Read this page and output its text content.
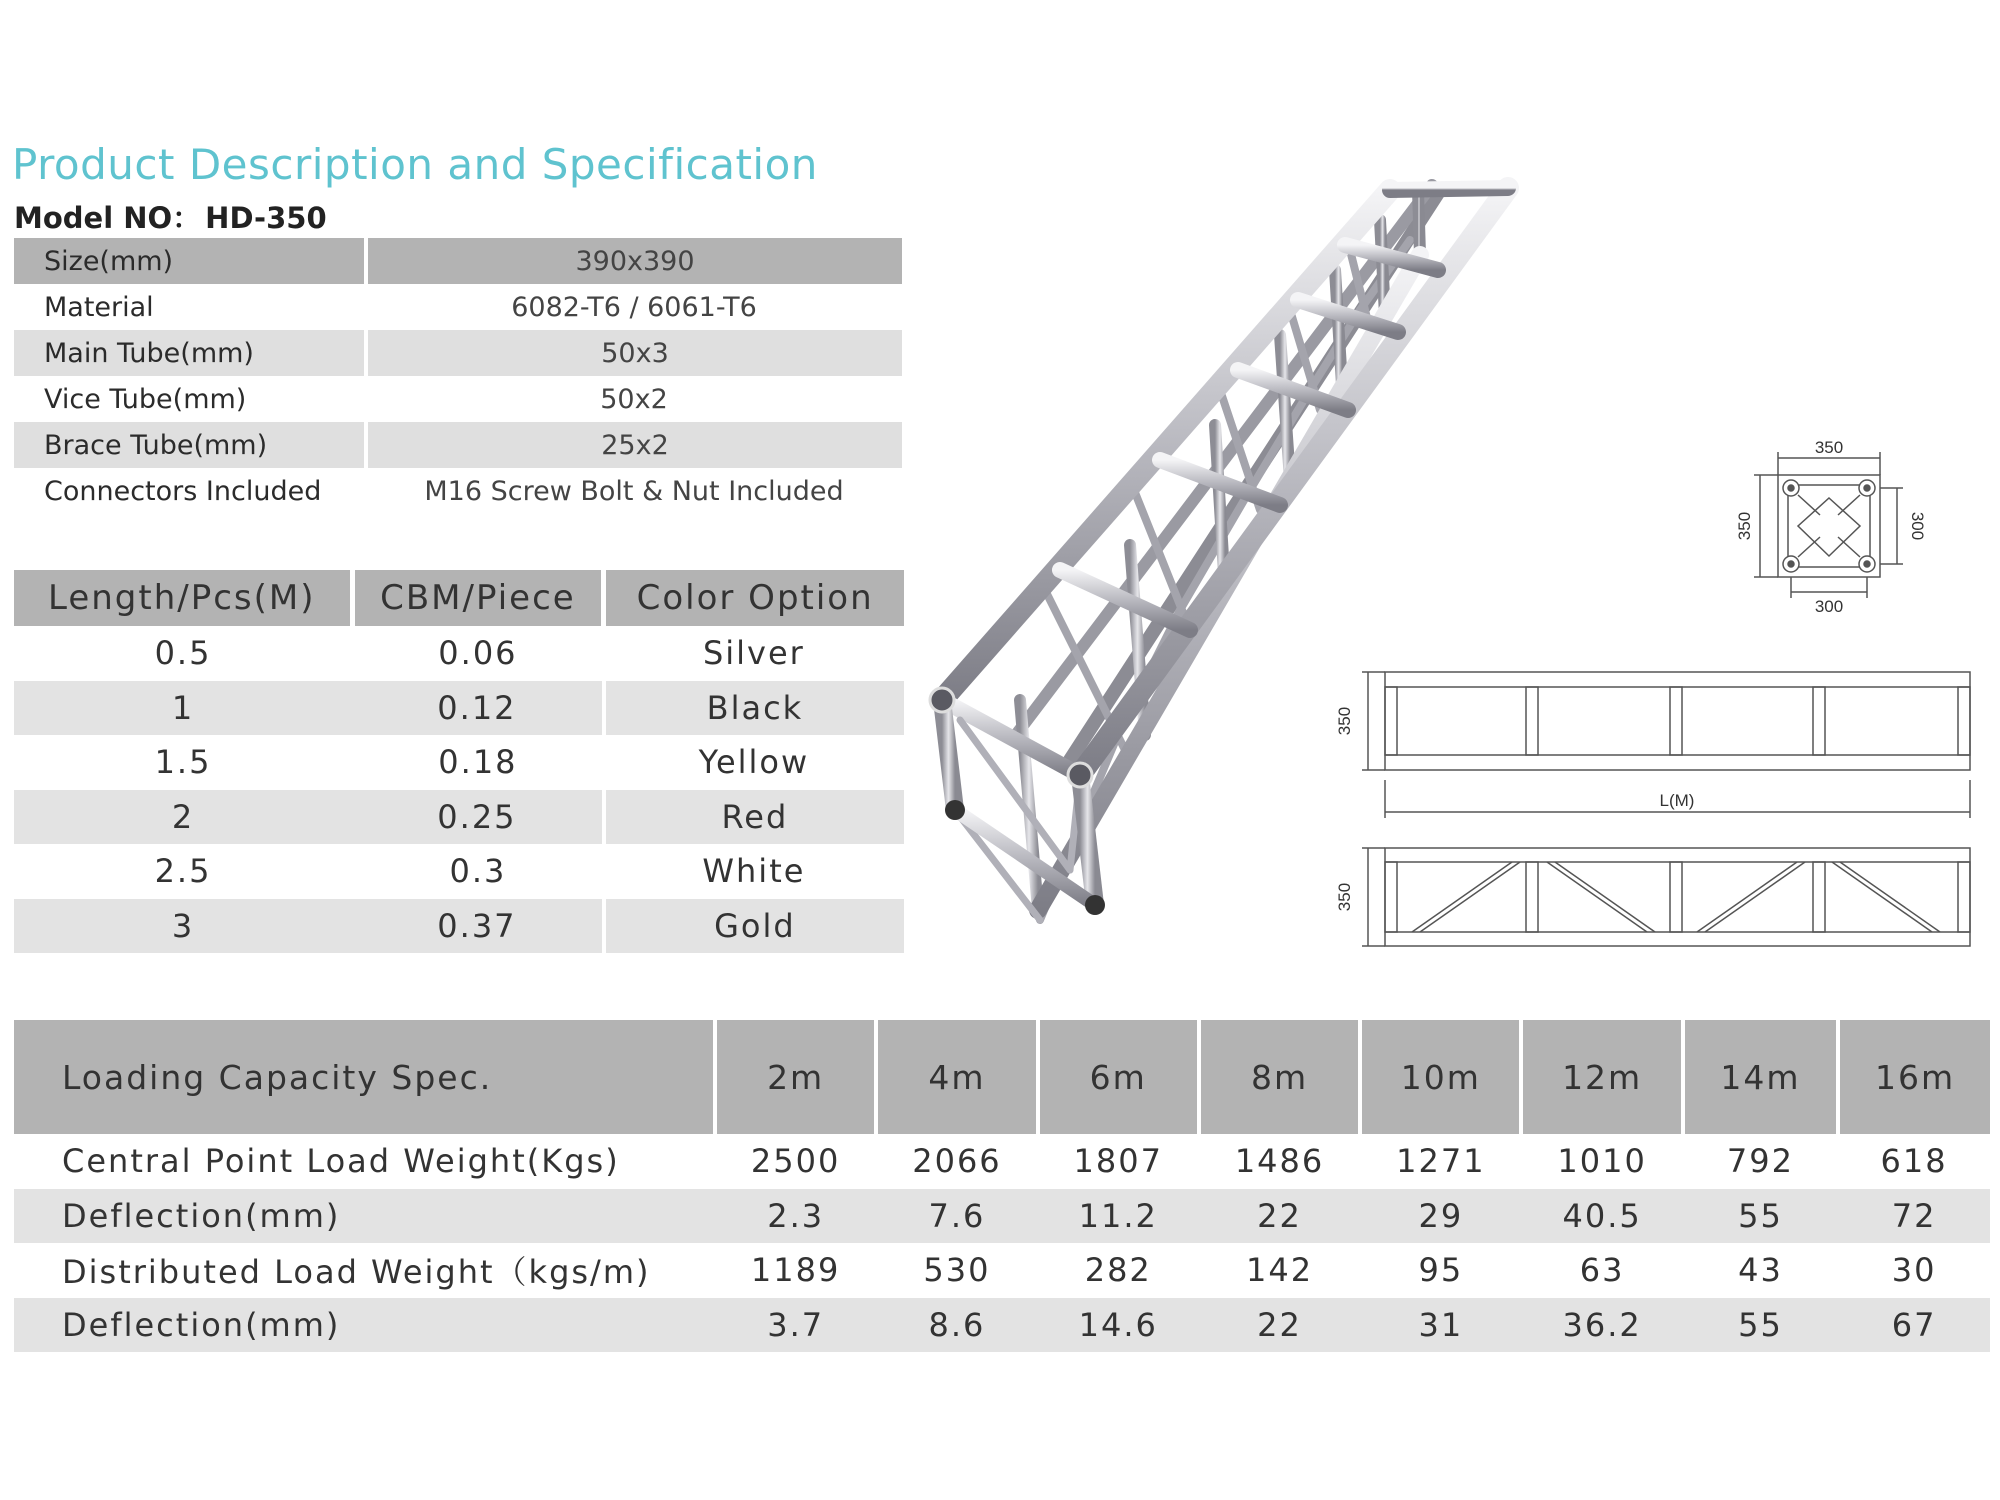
Product Description and Specification
Model NO： HD-350
Size(mm)	390x390
Material	6082-T6 / 6061-T6
Main Tube(mm)	50x3
Vice Tube(mm)	50x2
Brace Tube(mm)	25x2
Connectors Included	M16 Screw Bolt & Nut Included
Length/Pcs(M)	CBM/Piece	Color Option
0.5	0.06	Silver
1	0.12	Black
1.5	0.18	Yellow
2	0.25	Red
2.5	0.3	White
3	0.37	Gold
350
350	300
300
350
L(M)
350
Loading Capacity Spec.	2m	4m	6m	8m	10m	12m	14m	16m
Central Point Load Weight(Kgs)	2500	2066	1807	1486	1271	1010	792	618
Deflection(mm)	2.3	7.6	11.2	22	29	40.5	55	72
Distributed Load Weight（kgs/m)	1189	530	282	142	95	63	43	30
Deflection(mm)	3.7	8.6	14.6	22	31	36.2	55	67
